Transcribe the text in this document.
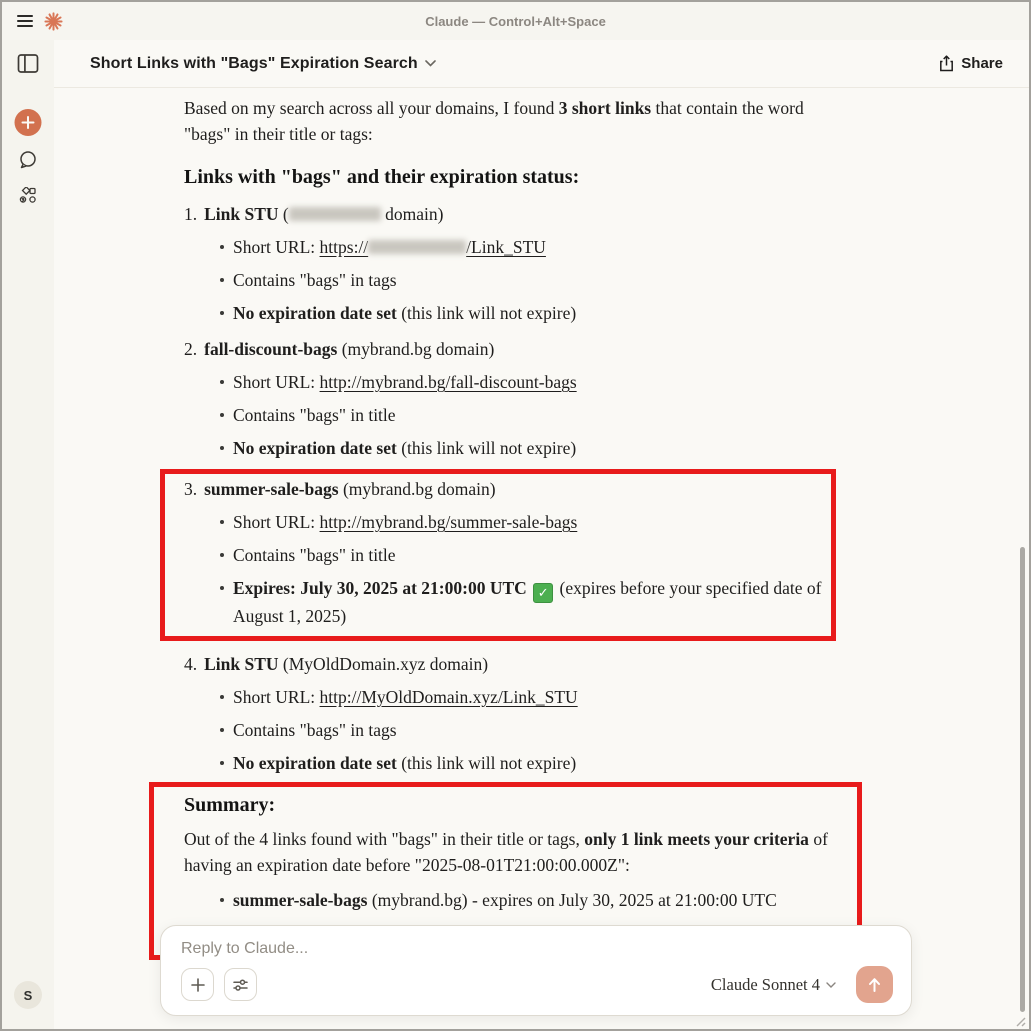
Claude — Control+Alt+Space
S
Short Links with "Bags" Expiration Search	Share

Based on my search across all your domains, I found 3 short links that contain the word "bags" in their title or tags:

Links with "bags" and their expiration status:
1. Link STU (	domain)
Short URL: https://	/Link_STU
Contains "bags" in tags
No expiration date set (this link will not expire)
2. fall-discount-bags (mybrand.bg domain)
Short URL: http://mybrand.bg/fall-discount-bags
Contains "bags" in title
No expiration date set (this link will not expire)
3. summer-sale-bags (mybrand.bg domain)
Short URL: http://mybrand.bg/summer-sale-bags
Contains "bags" in title
Expires: July 30, 2025 at 21:00:00 UTC ✓ (expires before your specified date of August 1, 2025)
4. Link STU (MyOldDomain.xyz domain)
Short URL: http://MyOldDomain.xyz/Link_STU
Contains "bags" in tags
No expiration date set (this link will not expire)
Summary:

Out of the 4 links found with "bags" in their title or tags, only 1 link meets your criteria of having an expiration date before "2025-08-01T21:00:00.000Z":

summer-sale-bags (mybrand.bg) - expires on July 30, 2025 at 21:00:00 UTC

Reply to Claude...
Claude Sonnet 4
